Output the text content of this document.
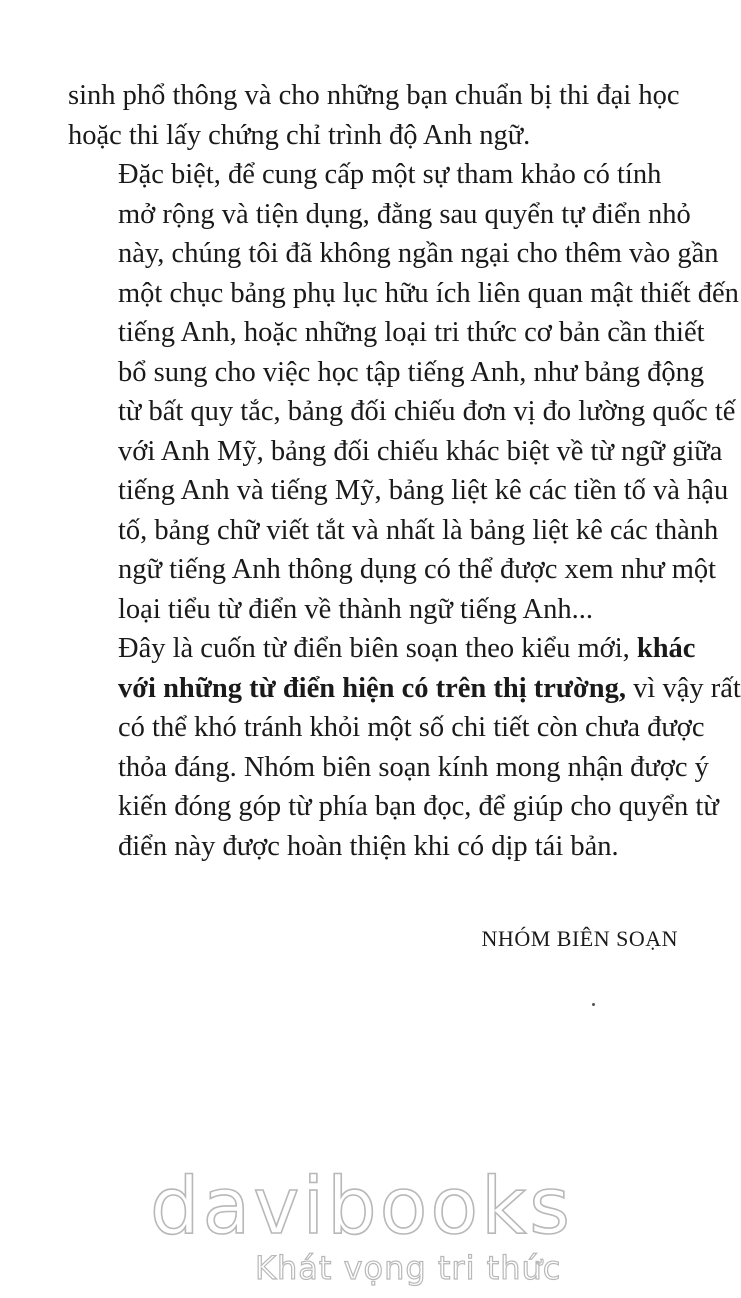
sinh phổ thông và cho những bạn chuẩn bị thi đại học
hoặc thi lấy chứng chỉ trình độ Anh ngữ.

Đặc biệt, để cung cấp một sự tham khảo có tính
mở rộng và tiện dụng, đằng sau quyển tự điển nhỏ
này, chúng tôi đã không ngần ngại cho thêm vào gần
một chục bảng phụ lục hữu ích liên quan mật thiết đến
tiếng Anh, hoặc những loại tri thức cơ bản cần thiết
bổ sung cho việc học tập tiếng Anh, như bảng động
từ bất quy tắc, bảng đối chiếu đơn vị đo lường quốc tế
với Anh Mỹ, bảng đối chiếu khác biệt về từ ngữ giữa
tiếng Anh và tiếng Mỹ, bảng liệt kê các tiền tố và hậu
tố, bảng chữ viết tắt và nhất là bảng liệt kê các thành
ngữ tiếng Anh thông dụng có thể được xem như một
loại tiểu từ điển về thành ngữ tiếng Anh...

Đây là cuốn từ điển biên soạn theo kiểu mới, khác
với những từ điển hiện có trên thị trường, vì vậy rất
có thể khó tránh khỏi một số chi tiết còn chưa được
thỏa đáng. Nhóm biên soạn kính mong nhận được ý
kiến đóng góp từ phía bạn đọc, để giúp cho quyển từ
điển này được hoàn thiện khi có dịp tái bản.

NHÓM BIÊN SOẠN

davibooks
Khát vọng tri thức
